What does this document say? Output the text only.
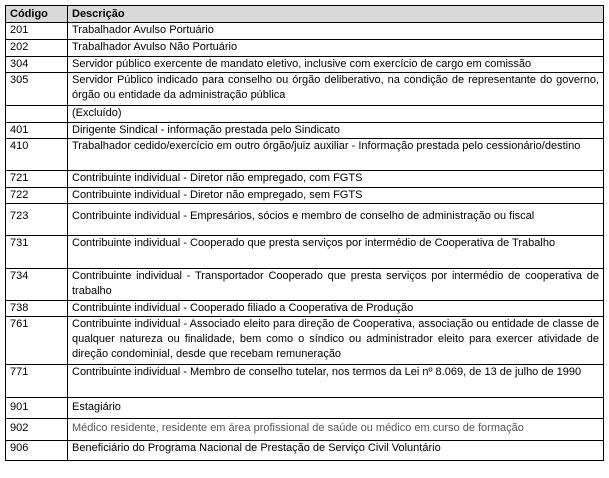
Código	Descrição
201	Trabalhador Avulso Portuário
202	Trabalhador Avulso Não Portuário
304	Servidor público exercente de mandato eletivo, inclusive com exercício de cargo em comissão
305	Servidor Público indicado para conselho ou órgão deliberativo, na condição de representante do governo, órgão ou entidade da administração pública
	(Excluído)
401	Dirigente Sindical - informação prestada pelo Sindicato
410	Trabalhador cedido/exercício em outro órgão/juiz auxiliar - Informação prestada pelo cessionário/destino
721	Contribuinte individual - Diretor não empregado, com FGTS
722	Contribuinte individual - Diretor não empregado, sem FGTS
723	Contribuinte individual - Empresários, sócios e membro de conselho de administração ou fiscal
731	Contribuinte individual - Cooperado que presta serviços por intermédio de Cooperativa de Trabalho
734	Contribuinte individual - Transportador Cooperado que presta serviços por intermédio de cooperativa de trabalho
738	Contribuinte individual - Cooperado filiado a Cooperativa de Produção
761	Contribuinte individual - Associado eleito para direção de Cooperativa, associação ou entidade de classe de qualquer natureza ou finalidade, bem como o síndico ou administrador eleito para exercer atividade de direção condominial, desde que recebam remuneração
771	Contribuinte individual - Membro de conselho tutelar, nos termos da Lei nº 8.069, de 13 de julho de 1990
901	Estagiário
902	Médico residente, residente em área profissional de saúde ou médico em curso de formação
906	Beneficiário do Programa Nacional de Prestação de Serviço Civil Voluntário
